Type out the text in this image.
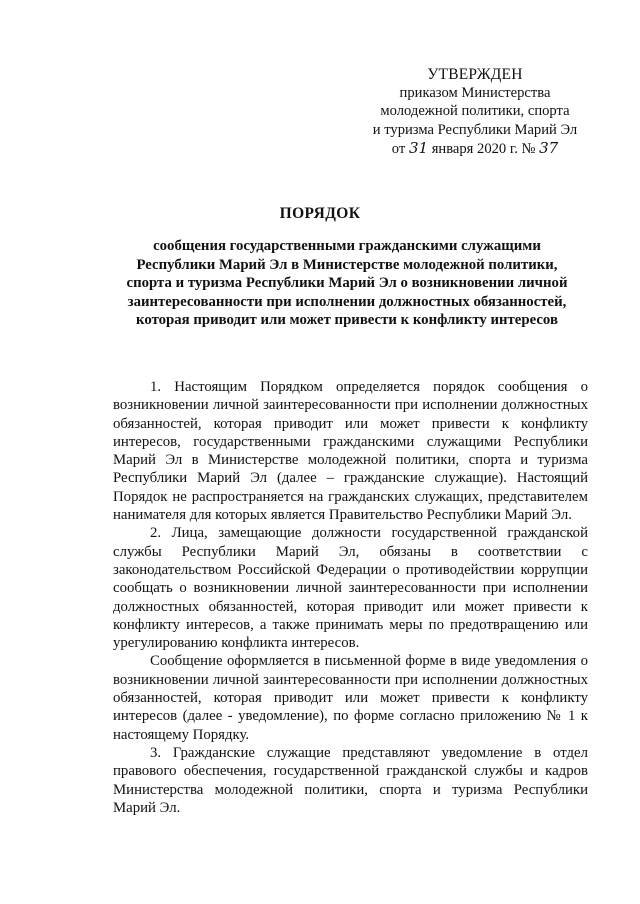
УТВЕРЖДЕН
приказом Министерства
молодежной политики, спорта
и туризма Республики Марий Эл
от 31 января 2020 г. № 37
ПОРЯДОК
сообщения государственными гражданскими служащими Республики Марий Эл в Министерстве молодежной политики, спорта и туризма Республики Марий Эл о возникновении личной заинтересованности при исполнении должностных обязанностей, которая приводит или может привести к конфликту интересов

1. Настоящим Порядком определяется порядок сообщения о возникновении личной заинтересованности при исполнении должностных обязанностей, которая приводит или может привести к конфликту интересов, государственными гражданскими служащими Республики Марий Эл в Министерстве молодежной политики, спорта и туризма Республики Марий Эл (далее – гражданские служащие). Настоящий Порядок не распространяется на гражданских служащих, представителем нанимателя для которых является Правительство Республики Марий Эл.

2. Лица, замещающие должности государственной гражданской службы Республики Марий Эл, обязаны в соответствии с законодательством Российской Федерации о противодействии коррупции сообщать о возникновении личной заинтересованности при исполнении должностных обязанностей, которая приводит или может привести к конфликту интересов, а также принимать меры по предотвращению или урегулированию конфликта интересов.

Сообщение оформляется в письменной форме в виде уведомления о возникновении личной заинтересованности при исполнении должностных обязанностей, которая приводит или может привести к конфликту интересов (далее - уведомление), по форме согласно приложению № 1 к настоящему Порядку.

3. Гражданские служащие представляют уведомление в отдел правового обеспечения, государственной гражданской службы и кадров Министерства молодежной политики, спорта и туризма Республики Марий Эл.
